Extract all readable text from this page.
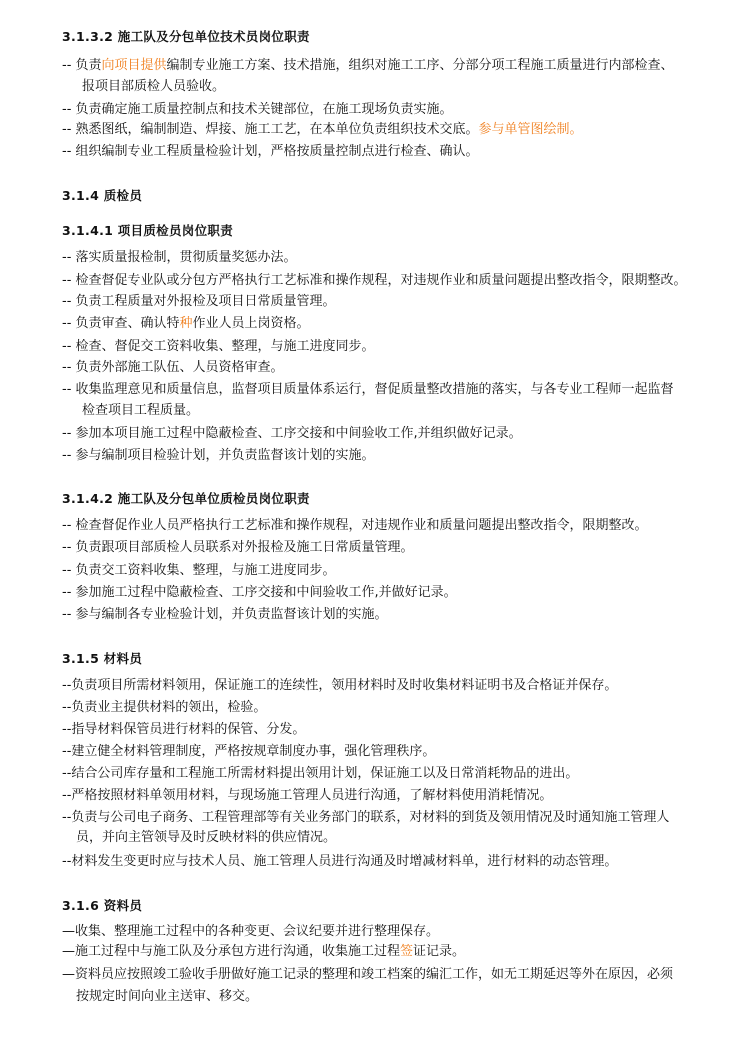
3.1.3.2 施工队及分包单位技术员岗位职责
-- 负责向项目提供编制专业施工方案、技术措施，组织对施工工序、分部分项工程施工质量进行内部检查、
报项目部质检人员验收。
-- 负责确定施工质量控制点和技术关键部位，在施工现场负责实施。
-- 熟悉图纸，编制制造、焊接、施工工艺，在本单位负责组织技术交底。参与单管图绘制。
-- 组织编制专业工程质量检验计划，严格按质量控制点进行检查、确认。
3.1.4 质检员
3.1.4.1 项目质检员岗位职责
-- 落实质量报检制，贯彻质量奖惩办法。
-- 检查督促专业队或分包方严格执行工艺标准和操作规程，对违规作业和质量问题提出整改指令，限期整改。
-- 负责工程质量对外报检及项目日常质量管理。
-- 负责审查、确认特种作业人员上岗资格。
-- 检查、督促交工资料收集、整理，与施工进度同步。
-- 负责外部施工队伍、人员资格审查。
-- 收集监理意见和质量信息，监督项目质量体系运行，督促质量整改措施的落实，与各专业工程师一起监督
检查项目工程质量。
-- 参加本项目施工过程中隐蔽检查、工序交接和中间验收工作,并组织做好记录。
-- 参与编制项目检验计划，并负责监督该计划的实施。
3.1.4.2 施工队及分包单位质检员岗位职责
-- 检查督促作业人员严格执行工艺标准和操作规程，对违规作业和质量问题提出整改指令，限期整改。
-- 负责跟项目部质检人员联系对外报检及施工日常质量管理。
-- 负责交工资料收集、整理，与施工进度同步。
-- 参加施工过程中隐蔽检查、工序交接和中间验收工作,并做好记录。
-- 参与编制各专业检验计划，并负责监督该计划的实施。
3.1.5 材料员
--负责项目所需材料领用，保证施工的连续性，领用材料时及时收集材料证明书及合格证并保存。
--负责业主提供材料的领出，检验。
--指导材料保管员进行材料的保管、分发。
--建立健全材料管理制度，严格按规章制度办事，强化管理秩序。
--结合公司库存量和工程施工所需材料提出领用计划，保证施工以及日常消耗物品的进出。
--严格按照材料单领用材料，与现场施工管理人员进行沟通，了解材料使用消耗情况。
--负责与公司电子商务、工程管理部等有关业务部门的联系，对材料的到货及领用情况及时通知施工管理人
员，并向主管领导及时反映材料的供应情况。
--材料发生变更时应与技术人员、施工管理人员进行沟通及时增减材料单，进行材料的动态管理。
3.1.6 资料员
—收集、整理施工过程中的各种变更、会议纪要并进行整理保存。
—施工过程中与施工队及分承包方进行沟通，收集施工过程签证记录。
—资料员应按照竣工验收手册做好施工记录的整理和竣工档案的编汇工作，如无工期延迟等外在原因，必须
按规定时间向业主送审、移交。
